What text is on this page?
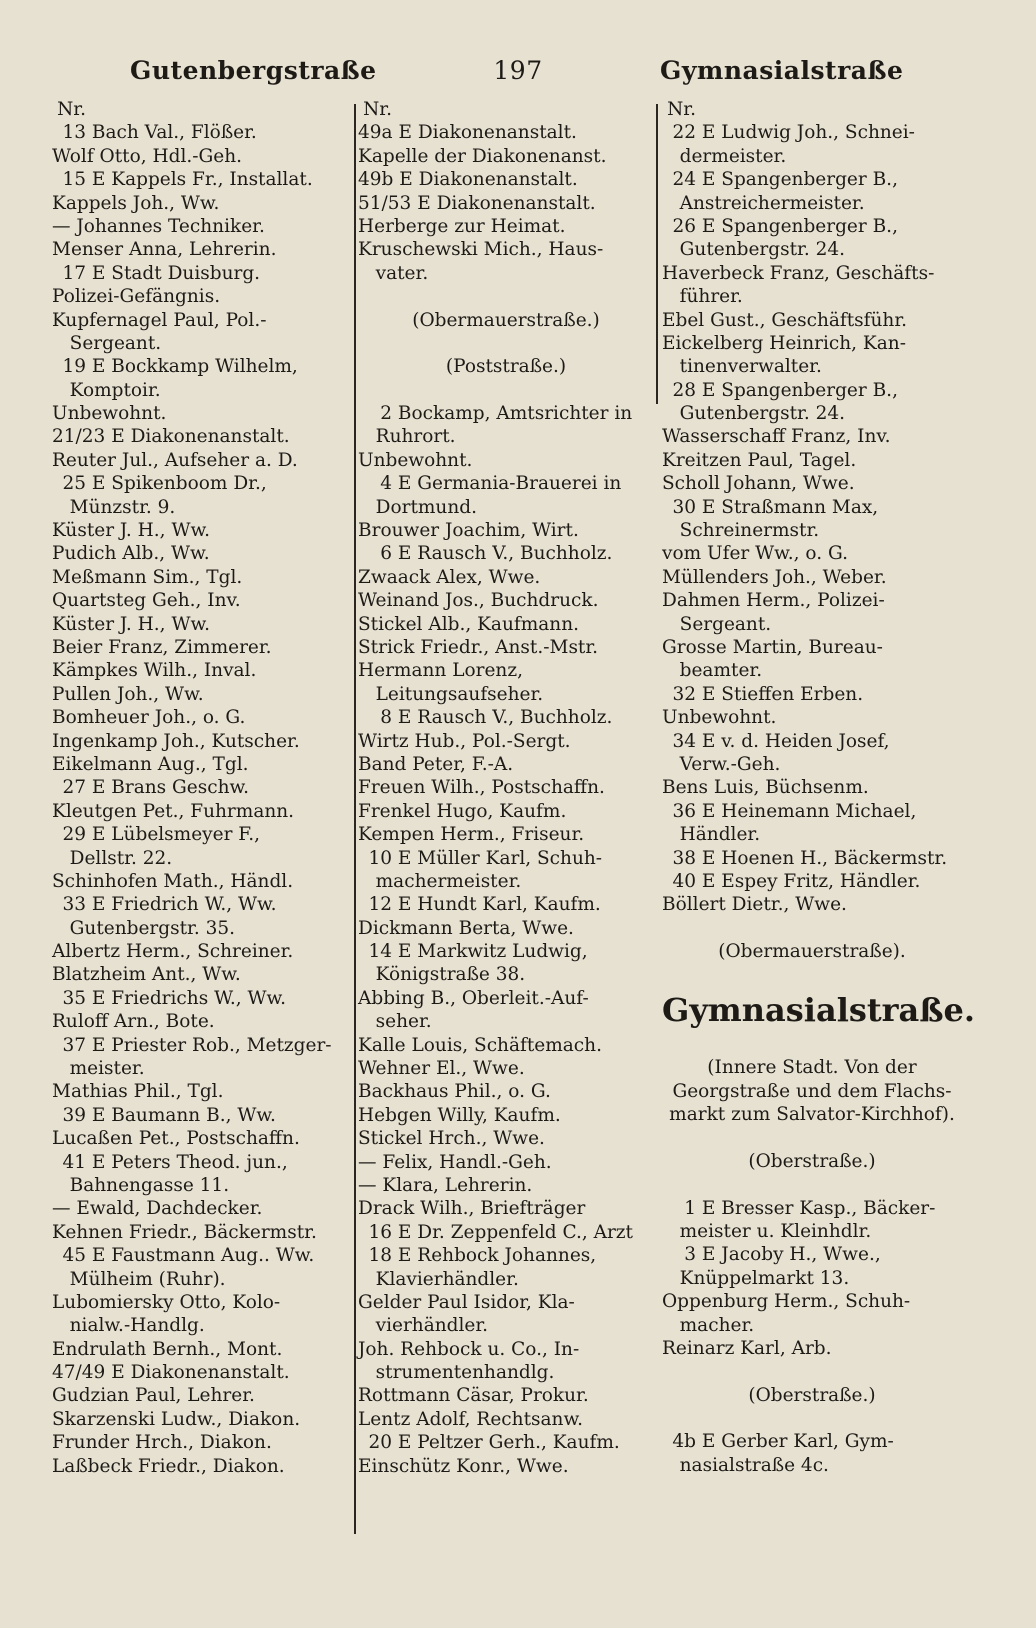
Gutenbergstraße	197	Gymnasialstraße
Nr.
13 Bach Val., Flößer.
Wolf Otto, Hdl.-Geh.
15 E Kappels Fr., Installat.
Kappels Joh., Ww.
— Johannes Techniker.
Menser Anna, Lehrerin.
17 E Stadt Duisburg.
Polizei-Gefängnis.
Kupfernagel Paul, Pol.-
Sergeant.
19 E Bockkamp Wilhelm,
Komptoir.
Unbewohnt.
21/23 E Diakonenanstalt.
Reuter Jul., Aufseher a. D.
25 E Spikenboom Dr.,
Münzstr. 9.
Küster J. H., Ww.
Pudich Alb., Ww.
Meßmann Sim., Tgl.
Quartsteg Geh., Inv.
Küster J. H., Ww.
Beier Franz, Zimmerer.
Kämpkes Wilh., Inval.
Pullen Joh., Ww.
Bomheuer Joh., o. G.
Ingenkamp Joh., Kutscher.
Eikelmann Aug., Tgl.
27 E Brans Geschw.
Kleutgen Pet., Fuhrmann.
29 E Lübelsmeyer F.,
Dellstr. 22.
Schinhofen Math., Händl.
33 E Friedrich W., Ww.
Gutenbergstr. 35.
Albertz Herm., Schreiner.
Blatzheim Ant., Ww.
35 E Friedrichs W., Ww.
Ruloff Arn., Bote.
37 E Priester Rob., Metzger-
meister.
Mathias Phil., Tgl.
39 E Baumann B., Ww.
Lucaßen Pet., Postschaffn.
41 E Peters Theod. jun.,
Bahnengasse 11.
— Ewald, Dachdecker.
Kehnen Friedr., Bäckermstr.
45 E Faustmann Aug.. Ww.
Mülheim (Ruhr).
Lubomiersky Otto, Kolo-
nialw.-Handlg.
Endrulath Bernh., Mont.
47/49 E Diakonenanstalt.
Gudzian Paul, Lehrer.
Skarzenski Ludw., Diakon.
Frunder Hrch., Diakon.
Laßbeck Friedr., Diakon.
Nr.
49a E Diakonenanstalt.
Kapelle der Diakonenanst.
49b E Diakonenanstalt.
51/53 E Diakonenanstalt.
Herberge zur Heimat.
Kruschewski Mich., Haus-
vater.
(Obermauerstraße.)
(Poststraße.)
2 Bockamp, Amtsrichter in
Ruhrort.
Unbewohnt.
4 E Germania-Brauerei in
Dortmund.
Brouwer Joachim, Wirt.
6 E Rausch V., Buchholz.
Zwaack Alex, Wwe.
Weinand Jos., Buchdruck.
Stickel Alb., Kaufmann.
Strick Friedr., Anst.-Mstr.
Hermann Lorenz,
Leitungsaufseher.
8 E Rausch V., Buchholz.
Wirtz Hub., Pol.-Sergt.
Band Peter, F.-A.
Freuen Wilh., Postschaffn.
Frenkel Hugo, Kaufm.
Kempen Herm., Friseur.
10 E Müller Karl, Schuh-
machermeister.
12 E Hundt Karl, Kaufm.
Dickmann Berta, Wwe.
14 E Markwitz Ludwig,
Königstraße 38.
Abbing B., Oberleit.-Auf-
seher.
Kalle Louis, Schäftemach.
Wehner El., Wwe.
Backhaus Phil., o. G.
Hebgen Willy, Kaufm.
Stickel Hrch., Wwe.
— Felix, Handl.-Geh.
— Klara, Lehrerin.
Drack Wilh., Briefträger
16 E Dr. Zeppenfeld C., Arzt
18 E Rehbock Johannes,
Klavierhändler.
Gelder Paul Isidor, Kla-
vierhändler.
Joh. Rehbock u. Co., In-
strumentenhandlg.
Rottmann Cäsar, Prokur.
Lentz Adolf, Rechtsanw.
20 E Peltzer Gerh., Kaufm.
Einschütz Konr., Wwe.
Nr.
22 E Ludwig Joh., Schnei-
dermeister.
24 E Spangenberger B.,
Anstreichermeister.
26 E Spangenberger B.,
Gutenbergstr. 24.
Haverbeck Franz, Geschäfts-
führer.
Ebel Gust., Geschäftsführ.
Eickelberg Heinrich, Kan-
tinenverwalter.
28 E Spangenberger B.,
Gutenbergstr. 24.
Wasserschaff Franz, Inv.
Kreitzen Paul, Tagel.
Scholl Johann, Wwe.
30 E Straßmann Max,
Schreinermstr.
vom Ufer Ww., o. G.
Müllenders Joh., Weber.
Dahmen Herm., Polizei-
Sergeant.
Grosse Martin, Bureau-
beamter.
32 E Stieffen Erben.
Unbewohnt.
34 E v. d. Heiden Josef,
Verw.-Geh.
Bens Luis, Büchsenm.
36 E Heinemann Michael,
Händler.
38 E Hoenen H., Bäckermstr.
40 E Espey Fritz, Händler.
Böllert Dietr., Wwe.
(Obermauerstraße).
Gymnasialstraße.
(Innere Stadt. Von der
Georgstraße und dem Flachs-
markt zum Salvator-Kirchhof).
(Oberstraße.)
1 E Bresser Kasp., Bäcker-
meister u. Kleinhdlr.
3 E Jacoby H., Wwe.,
Knüppelmarkt 13.
Oppenburg Herm., Schuh-
macher.
Reinarz Karl, Arb.
(Oberstraße.)
4b E Gerber Karl, Gym-
nasialstraße 4c.
